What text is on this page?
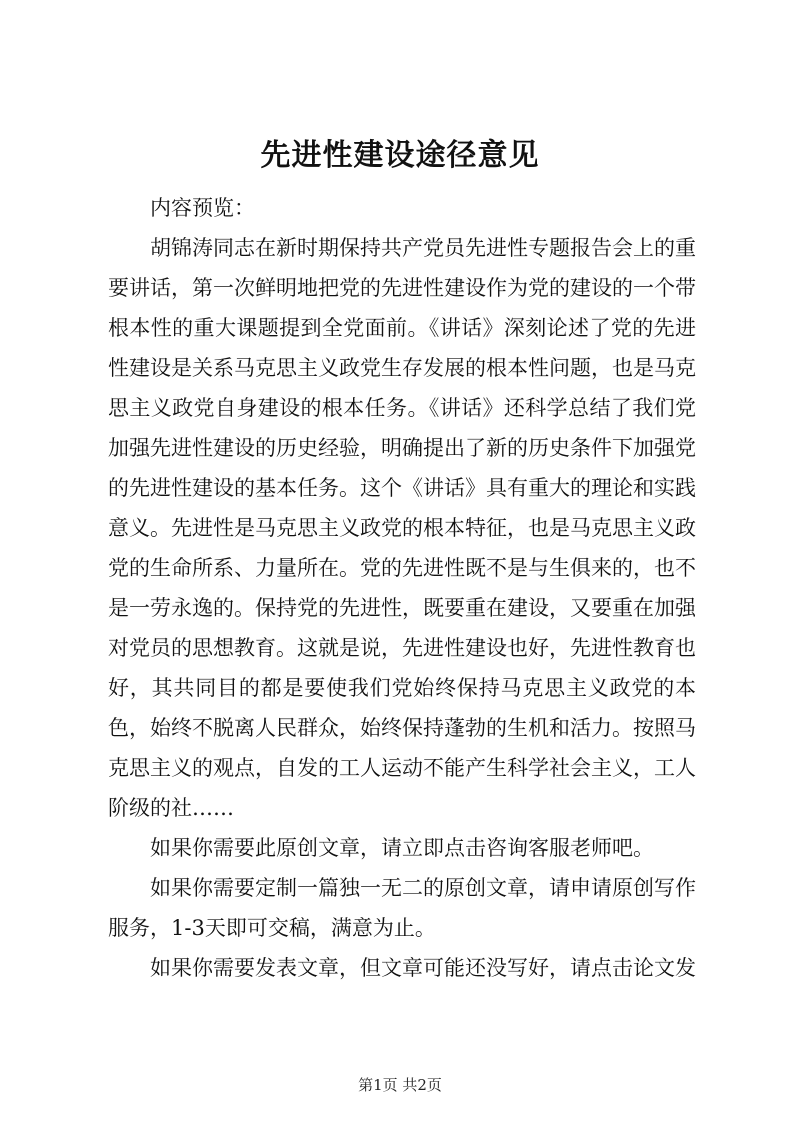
先进性建设途径意见

内容预览：

胡锦涛同志在新时期保持共产党员先进性专题报告会上的重要讲话，第一次鲜明地把党的先进性建设作为党的建设的一个带根本性的重大课题提到全党面前。《讲话》深刻论述了党的先进性建设是关系马克思主义政党生存发展的根本性问题，也是马克思主义政党自身建设的根本任务。《讲话》还科学总结了我们党加强先进性建设的历史经验，明确提出了新的历史条件下加强党的先进性建设的基本任务。这个《讲话》具有重大的理论和实践意义。先进性是马克思主义政党的根本特征，也是马克思主义政党的生命所系、力量所在。党的先进性既不是与生俱来的，也不是一劳永逸的。保持党的先进性，既要重在建设，又要重在加强对党员的思想教育。这就是说，先进性建设也好，先进性教育也好，其共同目的都是要使我们党始终保持马克思主义政党的本色，始终不脱离人民群众，始终保持蓬勃的生机和活力。按照马克思主义的观点，自发的工人运动不能产生科学社会主义，工人阶级的社……

如果你需要此原创文章，请立即点击咨询客服老师吧。

如果你需要定制一篇独一无二的原创文章，请申请原创写作服务，1-3天即可交稿，满意为止。

如果你需要发表文章，但文章可能还没写好，请点击论文发

第1页 共2页
